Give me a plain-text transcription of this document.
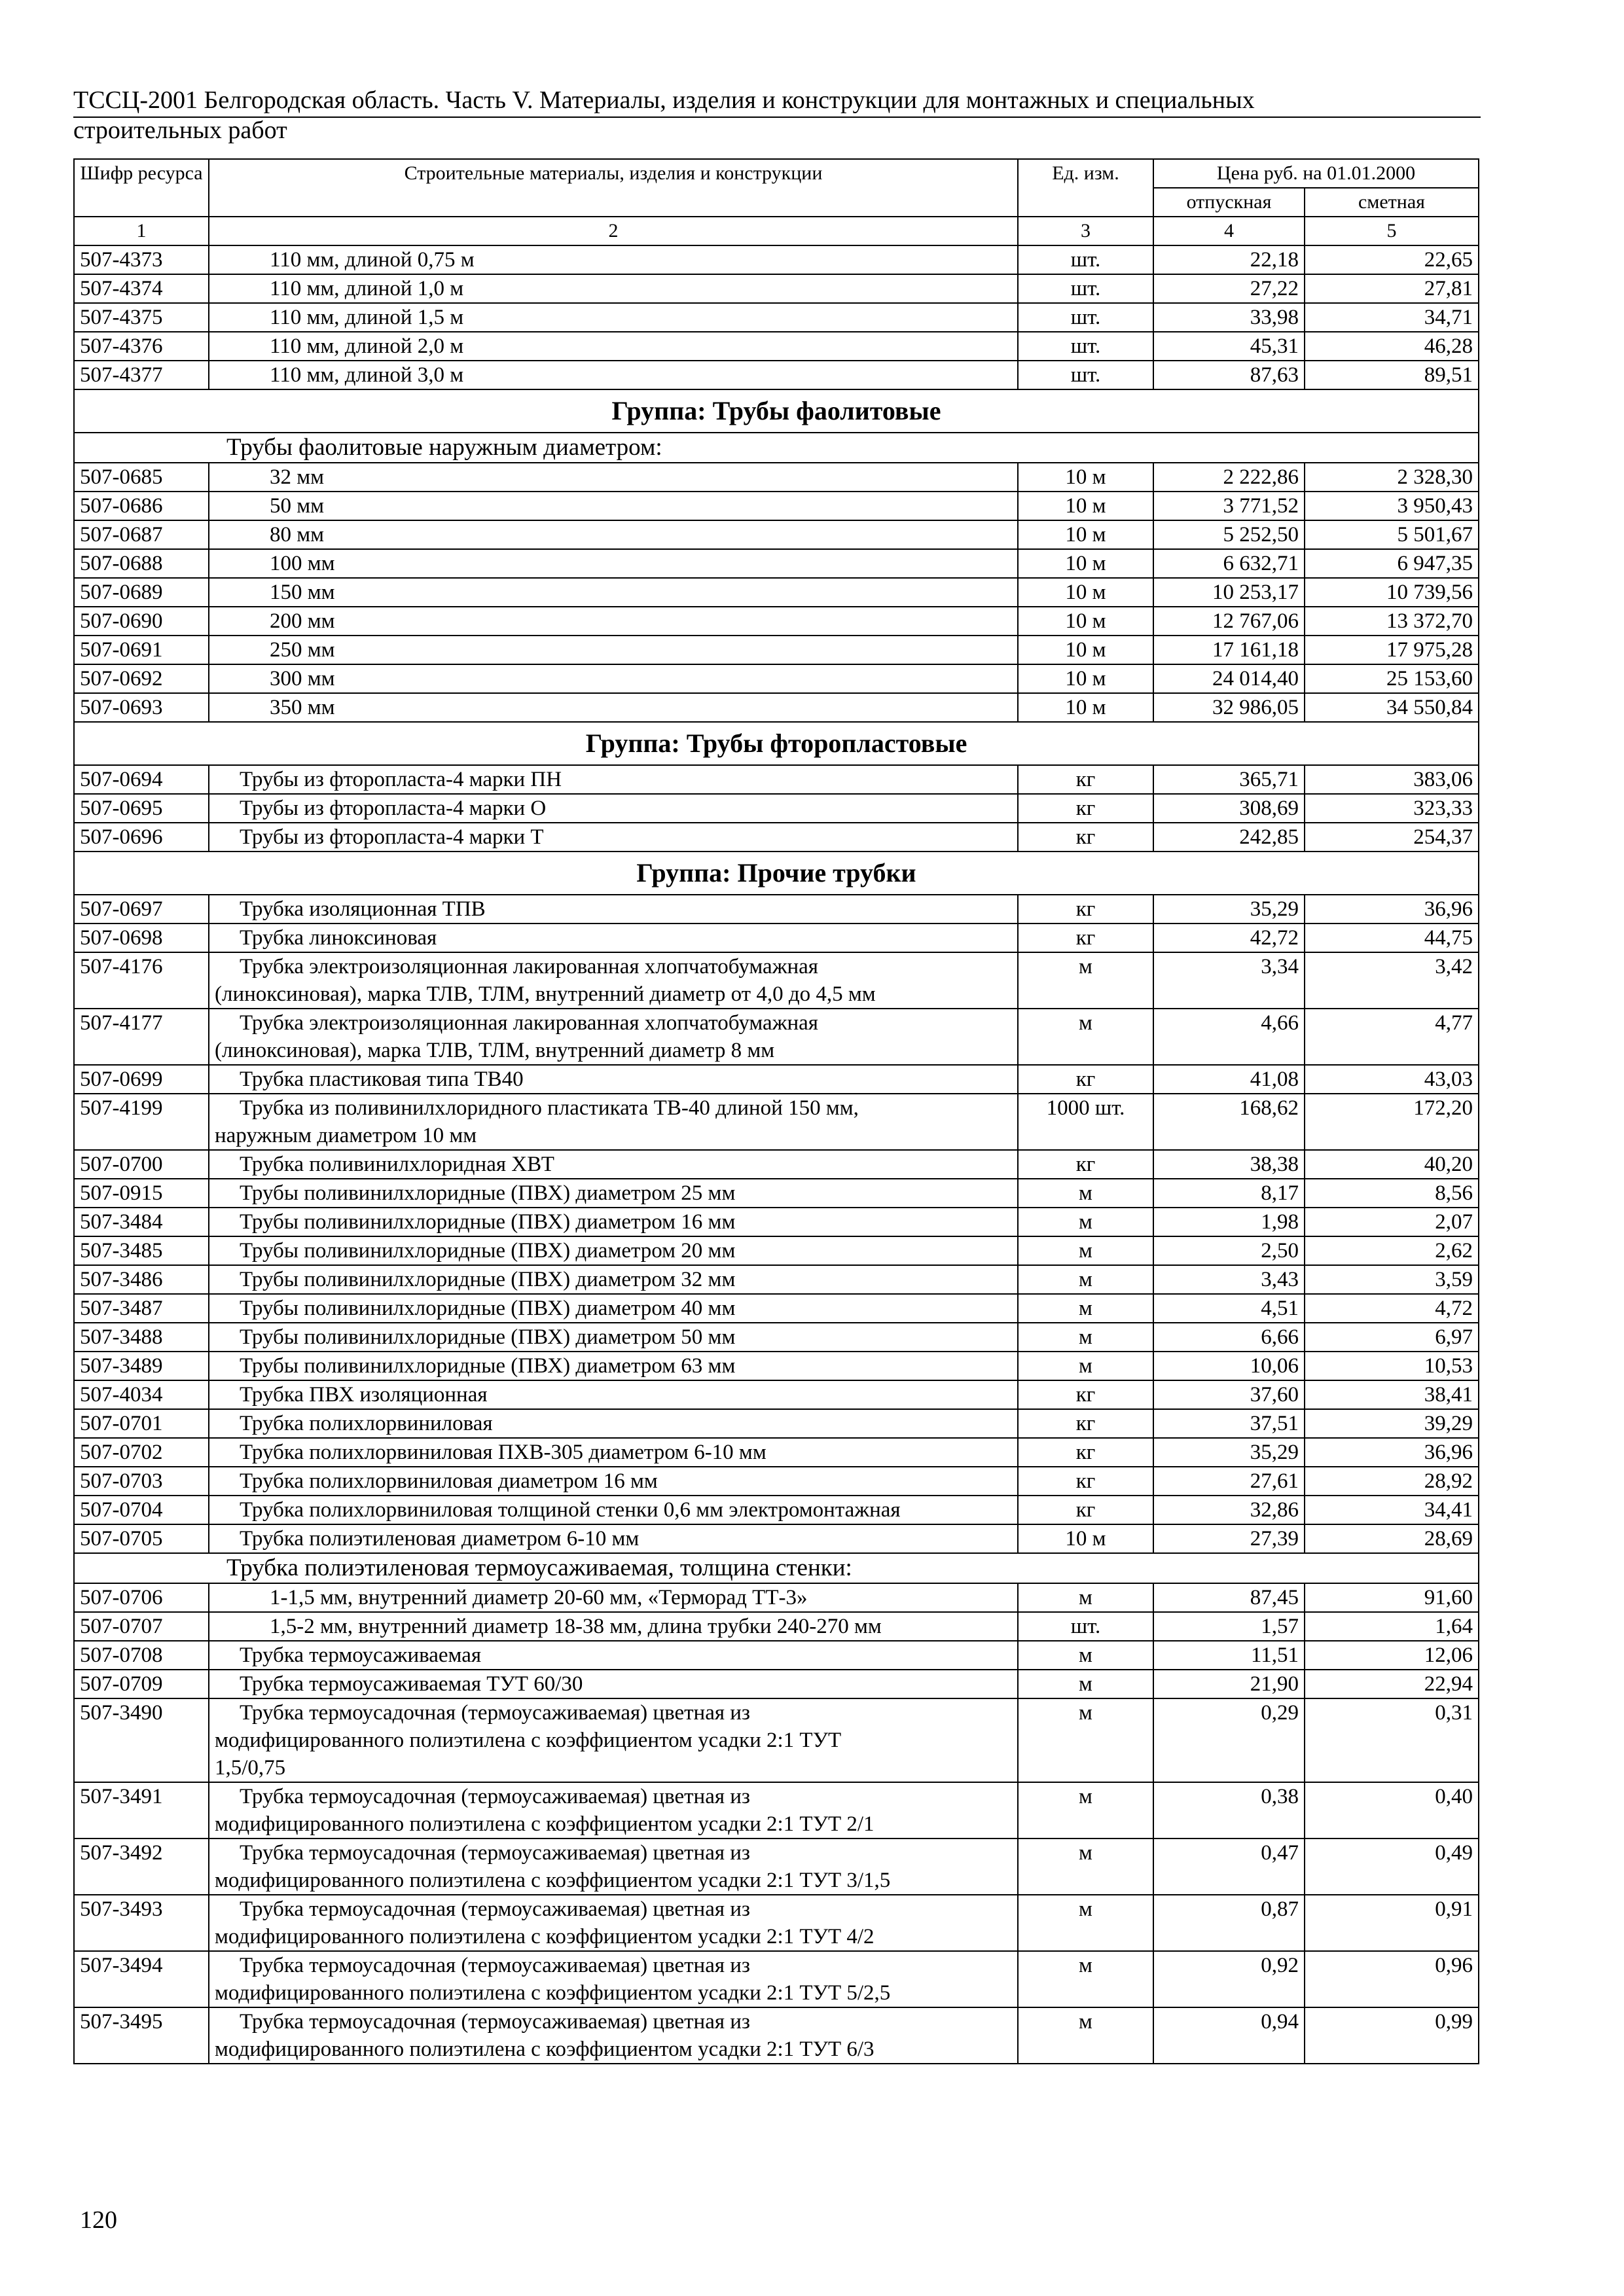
ТССЦ-2001 Белгородская область. Часть V. Материалы, изделия и конструкции для монтажных и специальных
строительных работ
Шифр ресурса	Строительные материалы, изделия и конструкции	Ед. изм.	Цена руб. на 01.01.2000	
			отпускная	сметная
1	2	3	4	5
507-4373	110 мм, длиной 0,75 м	шт.	22,18	22,65
507-4374	110 мм, длиной 1,0 м	шт.	27,22	27,81
507-4375	110 мм, длиной 1,5 м	шт.	33,98	34,71
507-4376	110 мм, длиной 2,0 м	шт.	45,31	46,28
507-4377	110 мм, длиной 3,0 м	шт.	87,63	89,51
Группа: Трубы фаолитовые				
Трубы фаолитовые наружным диаметром:				
507-0685	32 мм	10 м	2 222,86	2 328,30
507-0686	50 мм	10 м	3 771,52	3 950,43
507-0687	80 мм	10 м	5 252,50	5 501,67
507-0688	100 мм	10 м	6 632,71	6 947,35
507-0689	150 мм	10 м	10 253,17	10 739,56
507-0690	200 мм	10 м	12 767,06	13 372,70
507-0691	250 мм	10 м	17 161,18	17 975,28
507-0692	300 мм	10 м	24 014,40	25 153,60
507-0693	350 мм	10 м	32 986,05	34 550,84
Группа: Трубы фторопластовые				
507-0694	Трубы из фторопласта-4 марки ПН	кг	365,71	383,06
507-0695	Трубы из фторопласта-4 марки О	кг	308,69	323,33
507-0696	Трубы из фторопласта-4 марки Т	кг	242,85	254,37
Группа: Прочие трубки				
507-0697	Трубка изоляционная ТПВ	кг	35,29	36,96
507-0698	Трубка линоксиновая	кг	42,72	44,75
507-4176	Трубка электроизоляционная лакированная хлопчатобумажная
(линоксиновая), марка ТЛВ, ТЛМ, внутренний диаметр от 4,0 до 4,5 мм	м	3,34	3,42
507-4177	Трубка электроизоляционная лакированная хлопчатобумажная
(линоксиновая), марка ТЛВ, ТЛМ, внутренний диаметр 8 мм	м	4,66	4,77
507-0699	Трубка пластиковая типа ТВ40	кг	41,08	43,03
507-4199	Трубка из поливинилхлоридного пластиката ТВ-40 длиной 150 мм,
наружным диаметром 10 мм	1000 шт.	168,62	172,20
507-0700	Трубка поливинилхлоридная ХВТ	кг	38,38	40,20
507-0915	Трубы поливинилхлоридные (ПВХ) диаметром 25 мм	м	8,17	8,56
507-3484	Трубы поливинилхлоридные (ПВХ) диаметром 16 мм	м	1,98	2,07
507-3485	Трубы поливинилхлоридные (ПВХ) диаметром 20 мм	м	2,50	2,62
507-3486	Трубы поливинилхлоридные (ПВХ) диаметром 32 мм	м	3,43	3,59
507-3487	Трубы поливинилхлоридные (ПВХ) диаметром 40 мм	м	4,51	4,72
507-3488	Трубы поливинилхлоридные (ПВХ) диаметром 50 мм	м	6,66	6,97
507-3489	Трубы поливинилхлоридные (ПВХ) диаметром 63 мм	м	10,06	10,53
507-4034	Трубка ПВХ изоляционная	кг	37,60	38,41
507-0701	Трубка полихлорвиниловая	кг	37,51	39,29
507-0702	Трубка полихлорвиниловая ПХВ-305 диаметром 6-10 мм	кг	35,29	36,96
507-0703	Трубка полихлорвиниловая диаметром 16 мм	кг	27,61	28,92
507-0704	Трубка полихлорвиниловая толщиной стенки 0,6 мм электромонтажная	кг	32,86	34,41
507-0705	Трубка полиэтиленовая диаметром 6-10 мм	10 м	27,39	28,69
Трубка полиэтиленовая термоусаживаемая, толщина стенки:				
507-0706	1-1,5 мм, внутренний диаметр 20-60 мм, «Терморад ТТ-3»	м	87,45	91,60
507-0707	1,5-2 мм, внутренний диаметр 18-38 мм, длина трубки 240-270 мм	шт.	1,57	1,64
507-0708	Трубка термоусаживаемая	м	11,51	12,06
507-0709	Трубка термоусаживаемая ТУТ 60/30	м	21,90	22,94
507-3490	Трубка термоусадочная (термоусаживаемая) цветная из
модифицированного полиэтилена с коэффициентом усадки 2:1 ТУТ
1,5/0,75	м	0,29	0,31
507-3491	Трубка термоусадочная (термоусаживаемая) цветная из
модифицированного полиэтилена с коэффициентом усадки 2:1 ТУТ 2/1	м	0,38	0,40
507-3492	Трубка термоусадочная (термоусаживаемая) цветная из
модифицированного полиэтилена с коэффициентом усадки 2:1 ТУТ 3/1,5	м	0,47	0,49
507-3493	Трубка термоусадочная (термоусаживаемая) цветная из
модифицированного полиэтилена с коэффициентом усадки 2:1 ТУТ 4/2	м	0,87	0,91
507-3494	Трубка термоусадочная (термоусаживаемая) цветная из
модифицированного полиэтилена с коэффициентом усадки 2:1 ТУТ 5/2,5	м	0,92	0,96
507-3495	Трубка термоусадочная (термоусаживаемая) цветная из
модифицированного полиэтилена с коэффициентом усадки 2:1 ТУТ 6/3	м	0,94	0,99
120
